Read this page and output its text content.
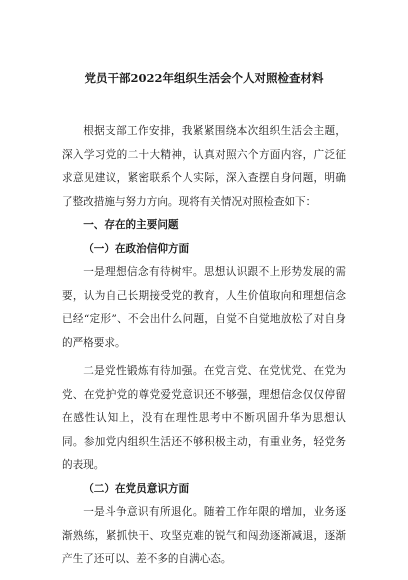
党员干部2022年组织生活会个人对照检查材料

根据支部工作安排，我紧紧围绕本次组织生活会主题，深入学习党的二十大精神，认真对照六个方面内容，广泛征求意见建议，紧密联系个人实际，深入查摆自身问题，明确了整改措施与努力方向。现将有关情况对照检查如下：

一、存在的主要问题

（一）在政治信仰方面

一是理想信念有待树牢。思想认识跟不上形势发展的需要，认为自己长期接受党的教育，人生价值取向和理想信念已经“定形”、不会出什么问题，自觉不自觉地放松了对自身的严格要求。

二是党性锻炼有待加强。在党言党、在党忧党、在党为党、在党护党的尊党爱党意识还不够强，理想信念仅仅停留在感性认知上，没有在理性思考中不断巩固升华为思想认同。参加党内组织生活还不够积极主动，有重业务，轻党务的表现。

（二）在党员意识方面

一是斗争意识有所退化。随着工作年限的增加，业务逐渐熟练，紧抓快干、攻坚克难的锐气和闯劲逐渐减退，逐渐产生了还可以、差不多的自满心态。
